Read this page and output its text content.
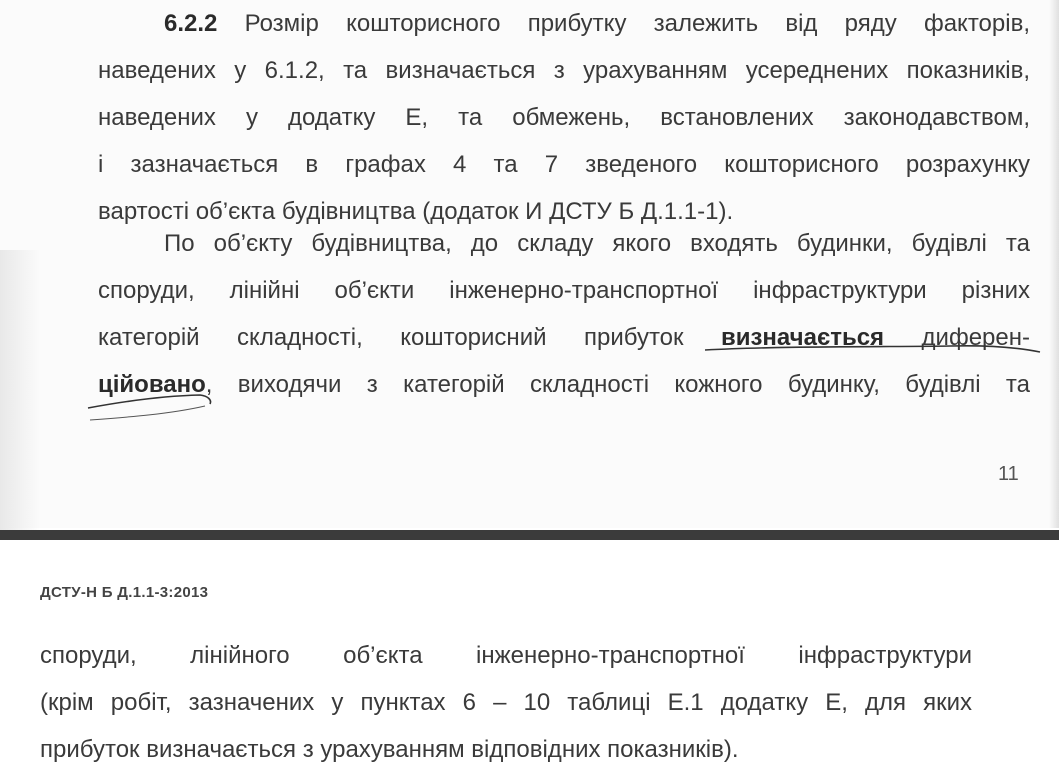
6.2.2 Розмір кошторисного прибутку залежить від ряду факторів,
наведених у 6.1.2, та визначається з урахуванням усереднених показників,
наведених у додатку Е, та обмежень, встановлених законодавством,
і зазначається в графах 4 та 7 зведеного кошторисного розрахунку
вартості об’єкта будівництва (додаток И ДСТУ Б Д.1.1-1).
По об’єкту будівництва, до складу якого входять будинки, будівлі та
споруди, лінійні об’єкти інженерно-транспортної інфраструктури різних
категорій складності, кошторисний прибуток визначається диферен-
ційовано, виходячи з категорій складності кожного будинку, будівлі та
11
ДСТУ-Н Б Д.1.1-3:2013
споруди, лінійного об’єкта інженерно-транспортної інфраструктури
(крім робіт, зазначених у пунктах 6 – 10 таблиці Е.1 додатку Е, для яких
прибуток визначається з урахуванням відповідних показників).
